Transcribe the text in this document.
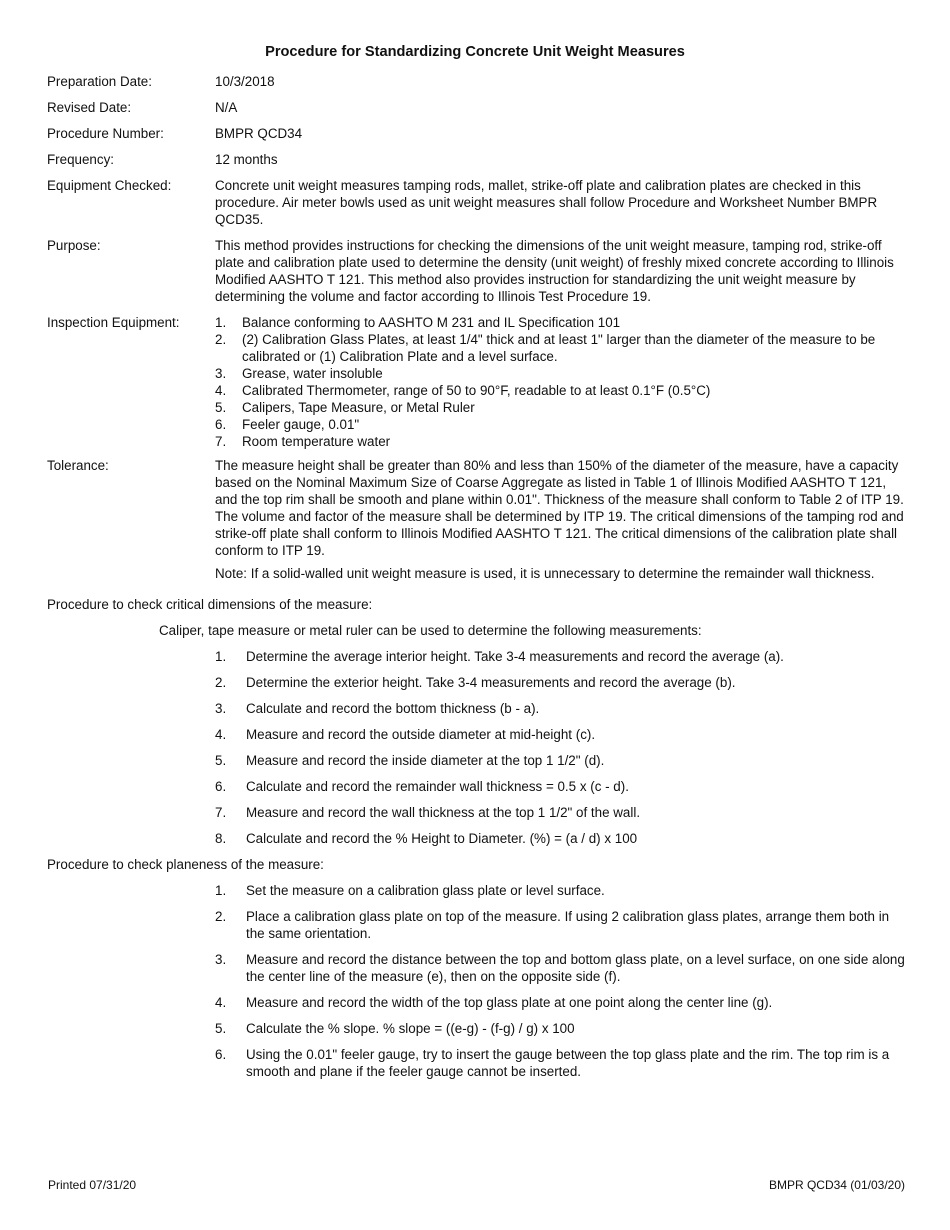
Procedure for Standardizing Concrete Unit Weight Measures
Preparation Date:	10/3/2018
Revised Date:	N/A
Procedure Number:	BMPR QCD34
Frequency:	12 months
Equipment Checked:	Concrete unit weight measures tamping rods, mallet, strike-off plate and calibration plates are checked in this procedure. Air meter bowls used as unit weight measures shall follow Procedure and Worksheet Number BMPR QCD35.
Purpose:	This method provides instructions for checking the dimensions of the unit weight measure, tamping rod, strike-off plate and calibration plate used to determine the density (unit weight) of freshly mixed concrete according to Illinois Modified AASHTO T 121. This method also provides instruction for standardizing the unit weight measure by determining the volume and factor according to Illinois Test Procedure 19.
Inspection Equipment:	1. Balance conforming to AASHTO M 231 and IL Specification 101
2. (2) Calibration Glass Plates, at least 1/4" thick and at least 1" larger than the diameter of the measure to be calibrated or (1) Calibration Plate and a level surface.
3. Grease, water insoluble
4. Calibrated Thermometer, range of 50 to 90°F, readable to at least 0.1°F (0.5°C)
5. Calipers, Tape Measure, or Metal Ruler
6. Feeler gauge, 0.01"
7. Room temperature water
Tolerance:	The measure height shall be greater than 80% and less than 150% of the diameter of the measure, have a capacity based on the Nominal Maximum Size of Coarse Aggregate as listed in Table 1 of Illinois Modified AASHTO T 121, and the top rim shall be smooth and plane within 0.01". Thickness of the measure shall conform to Table 2 of ITP 19. The volume and factor of the measure shall be determined by ITP 19. The critical dimensions of the tamping rod and strike-off plate shall conform to Illinois Modified AASHTO T 121. The critical dimensions of the calibration plate shall conform to ITP 19.

Note: If a solid-walled unit weight measure is used, it is unnecessary to determine the remainder wall thickness.

Procedure to check critical dimensions of the measure:
Caliper, tape measure or metal ruler can be used to determine the following measurements:
1. Determine the average interior height. Take 3-4 measurements and record the average (a).
2. Determine the exterior height. Take 3-4 measurements and record the average (b).
3. Calculate and record the bottom thickness (b - a).
4. Measure and record the outside diameter at mid-height (c).
5. Measure and record the inside diameter at the top 1 1/2" (d).
6. Calculate and record the remainder wall thickness = 0.5 x (c - d).
7. Measure and record the wall thickness at the top 1 1/2" of the wall.
8. Calculate and record the % Height to Diameter. (%) = (a / d) x 100
Procedure to check planeness of the measure:
1. Set the measure on a calibration glass plate or level surface.
2. Place a calibration glass plate on top of the measure. If using 2 calibration glass plates, arrange them both in the same orientation.
3. Measure and record the distance between the top and bottom glass plate, on a level surface, on one side along the center line of the measure (e), then on the opposite side (f).
4. Measure and record the width of the top glass plate at one point along the center line (g).
5. Calculate the % slope. % slope = ((e-g) - (f-g) / g) x 100
6. Using the 0.01" feeler gauge, try to insert the gauge between the top glass plate and the rim. The top rim is a smooth and plane if the feeler gauge cannot be inserted.
Printed 07/31/20	BMPR QCD34 (01/03/20)
